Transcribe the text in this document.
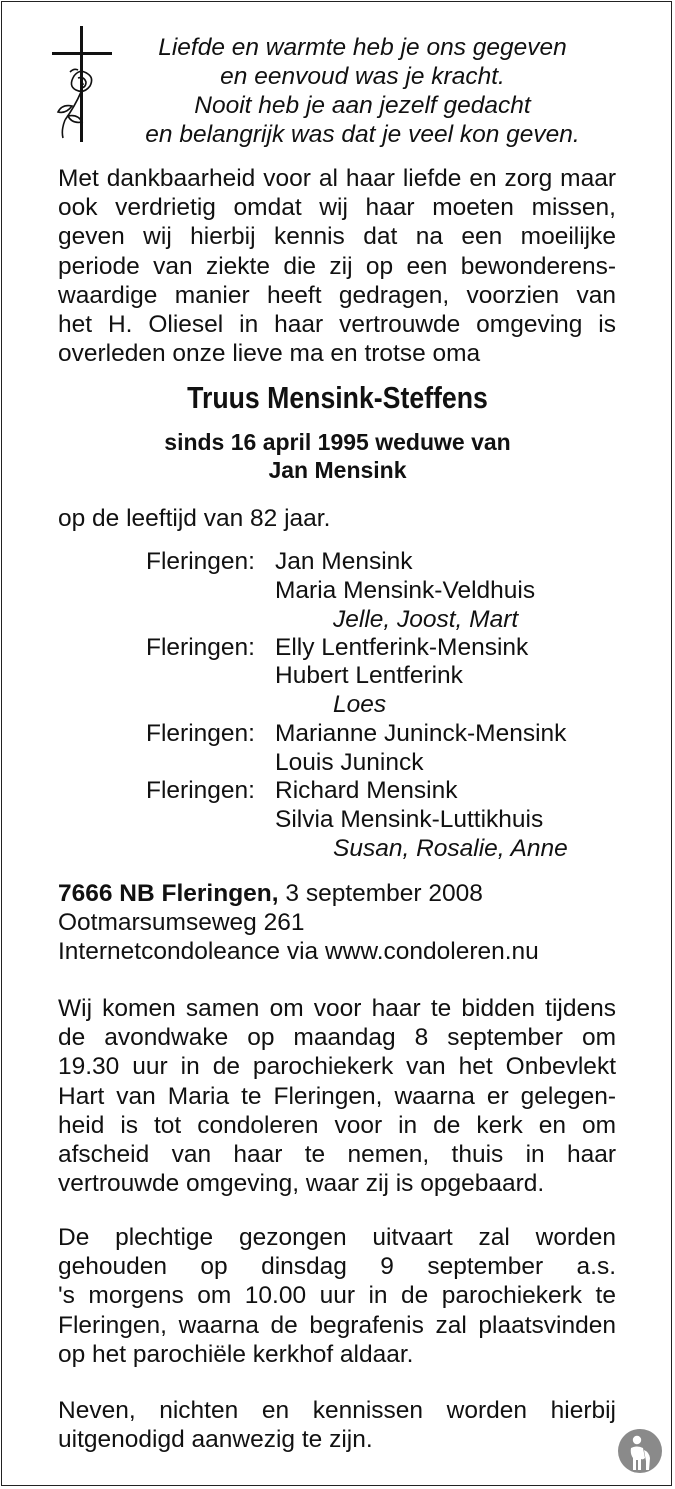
Liefde en warmte heb je ons gegeven
en eenvoud was je kracht.
Nooit heb je aan jezelf gedacht
en belangrijk was dat je veel kon geven.
Met dankbaarheid voor al haar liefde en zorg maar
ook verdrietig omdat wij haar moeten missen,
geven wij hierbij kennis dat na een moeilijke
periode van ziekte die zij op een bewonderens-
waardige manier heeft gedragen, voorzien van
het H. Oliesel in haar vertrouwde omgeving is
overleden onze lieve ma en trotse oma
Truus Mensink-Steffens
sinds 16 april 1995 weduwe van
Jan Mensink
op de leeftijd van 82 jaar.
Fleringen: Jan Mensink
Maria Mensink-Veldhuis
Jelle, Joost, Mart
Fleringen: Elly Lentferink-Mensink
Hubert Lentferink
Loes
Fleringen: Marianne Juninck-Mensink
Louis Juninck
Fleringen: Richard Mensink
Silvia Mensink-Luttikhuis
Susan, Rosalie, Anne
7666 NB Fleringen, 3 september 2008
Ootmarsumseweg 261
Internetcondoleance via www.condoleren.nu
Wij komen samen om voor haar te bidden tijdens
de avondwake op maandag 8 september om
19.30 uur in de parochiekerk van het Onbevlekt
Hart van Maria te Fleringen, waarna er gelegen-
heid is tot condoleren voor in de kerk en om
afscheid van haar te nemen, thuis in haar
vertrouwde omgeving, waar zij is opgebaard.
De plechtige gezongen uitvaart zal worden
gehouden op dinsdag 9 september a.s.
's morgens om 10.00 uur in de parochiekerk te
Fleringen, waarna de begrafenis zal plaatsvinden
op het parochiële kerkhof aldaar.
Neven, nichten en kennissen worden hierbij
uitgenodigd aanwezig te zijn.
